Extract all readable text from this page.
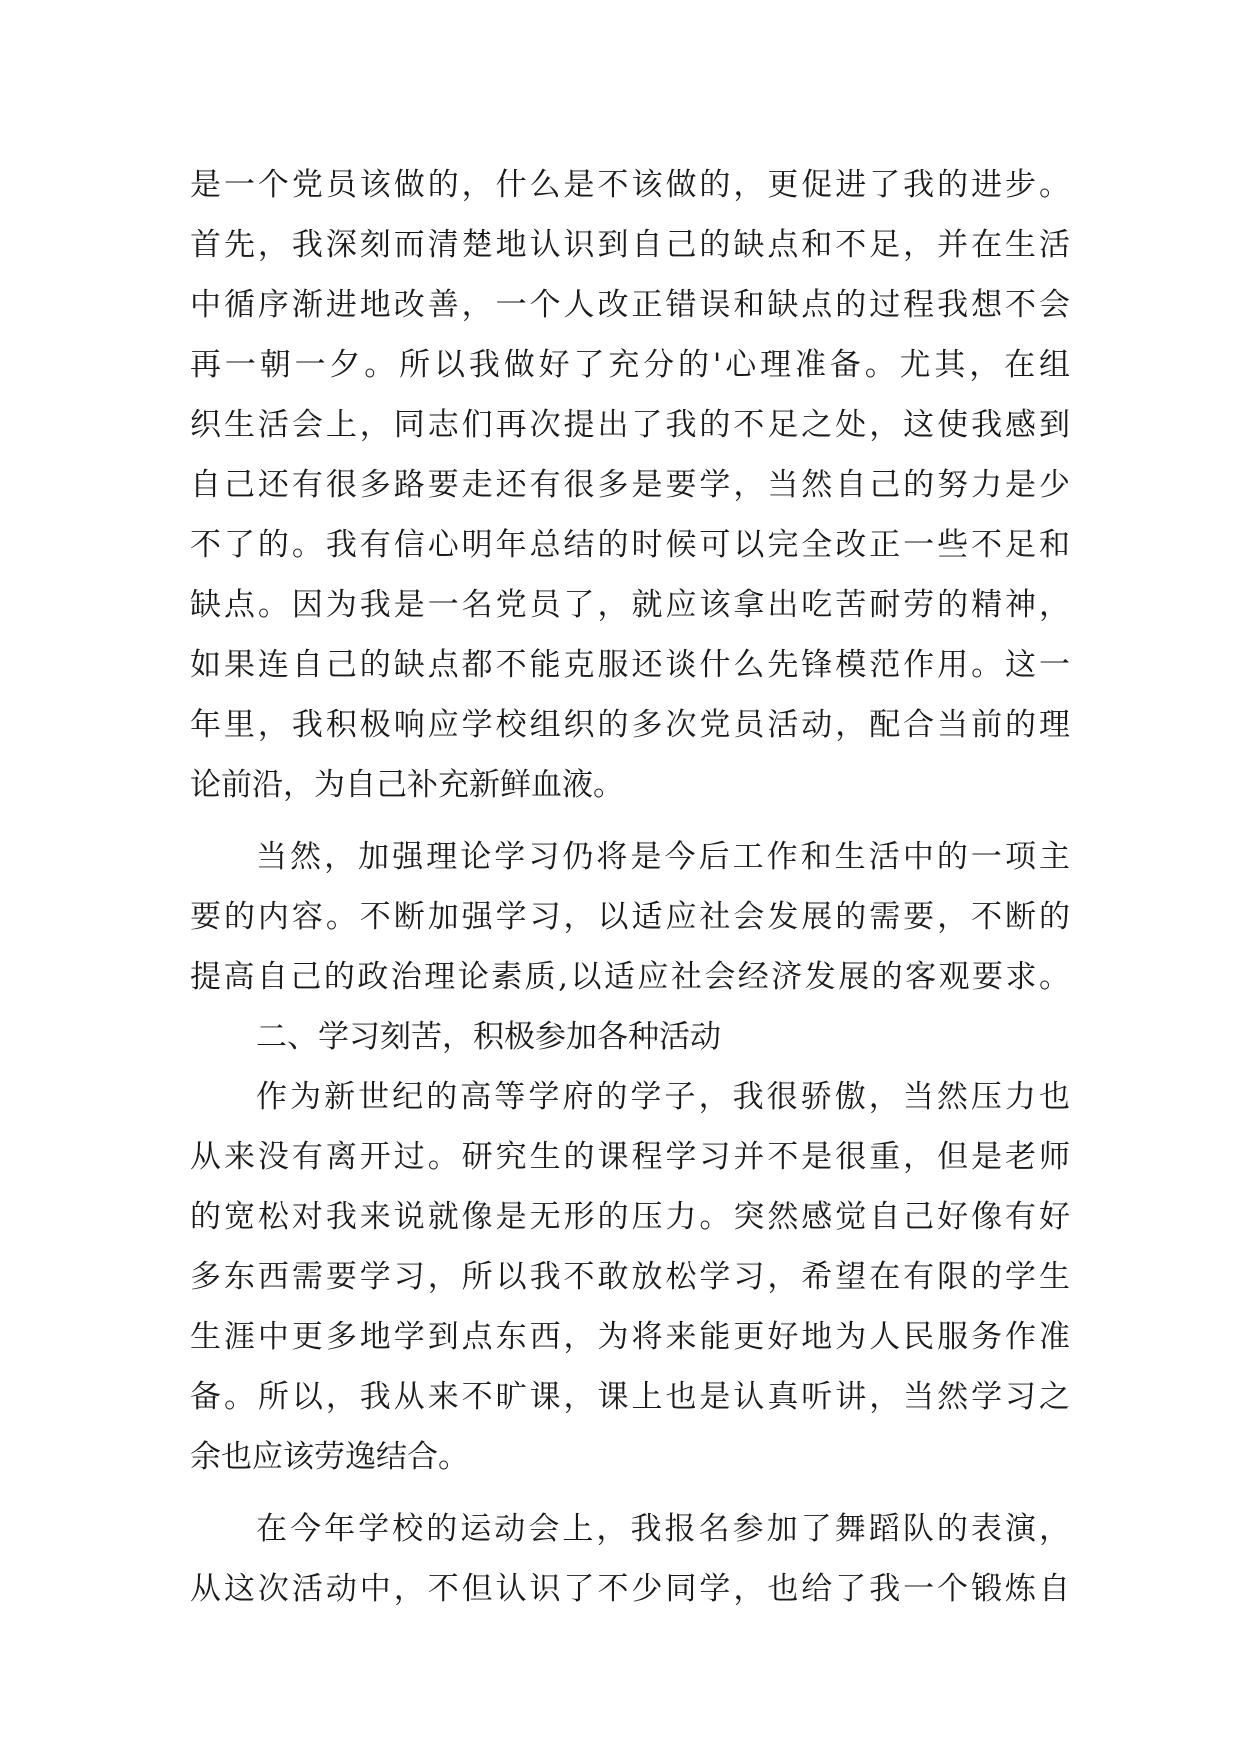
是一个党员该做的，什么是不该做的，更促进了我的进步。
首先，我深刻而清楚地认识到自己的缺点和不足，并在生活
中循序渐进地改善，一个人改正错误和缺点的过程我想不会
再一朝一夕。所以我做好了充分的'心理准备。尤其，在组
织生活会上，同志们再次提出了我的不足之处，这使我感到
自己还有很多路要走还有很多是要学，当然自己的努力是少
不了的。我有信心明年总结的时候可以完全改正一些不足和
缺点。因为我是一名党员了，就应该拿出吃苦耐劳的精神，
如果连自己的缺点都不能克服还谈什么先锋模范作用。这一
年里，我积极响应学校组织的多次党员活动，配合当前的理
论前沿，为自己补充新鲜血液。
当然，加强理论学习仍将是今后工作和生活中的一项主
要的内容。不断加强学习，以适应社会发展的需要，不断的
提高自己的政治理论素质,以适应社会经济发展的客观要求。
二、学习刻苦，积极参加各种活动
作为新世纪的高等学府的学子，我很骄傲，当然压力也
从来没有离开过。研究生的课程学习并不是很重，但是老师
的宽松对我来说就像是无形的压力。突然感觉自己好像有好
多东西需要学习，所以我不敢放松学习，希望在有限的学生
生涯中更多地学到点东西，为将来能更好地为人民服务作准
备。所以，我从来不旷课，课上也是认真听讲，当然学习之
余也应该劳逸结合。
在今年学校的运动会上，我报名参加了舞蹈队的表演，
从这次活动中，不但认识了不少同学，也给了我一个锻炼自
